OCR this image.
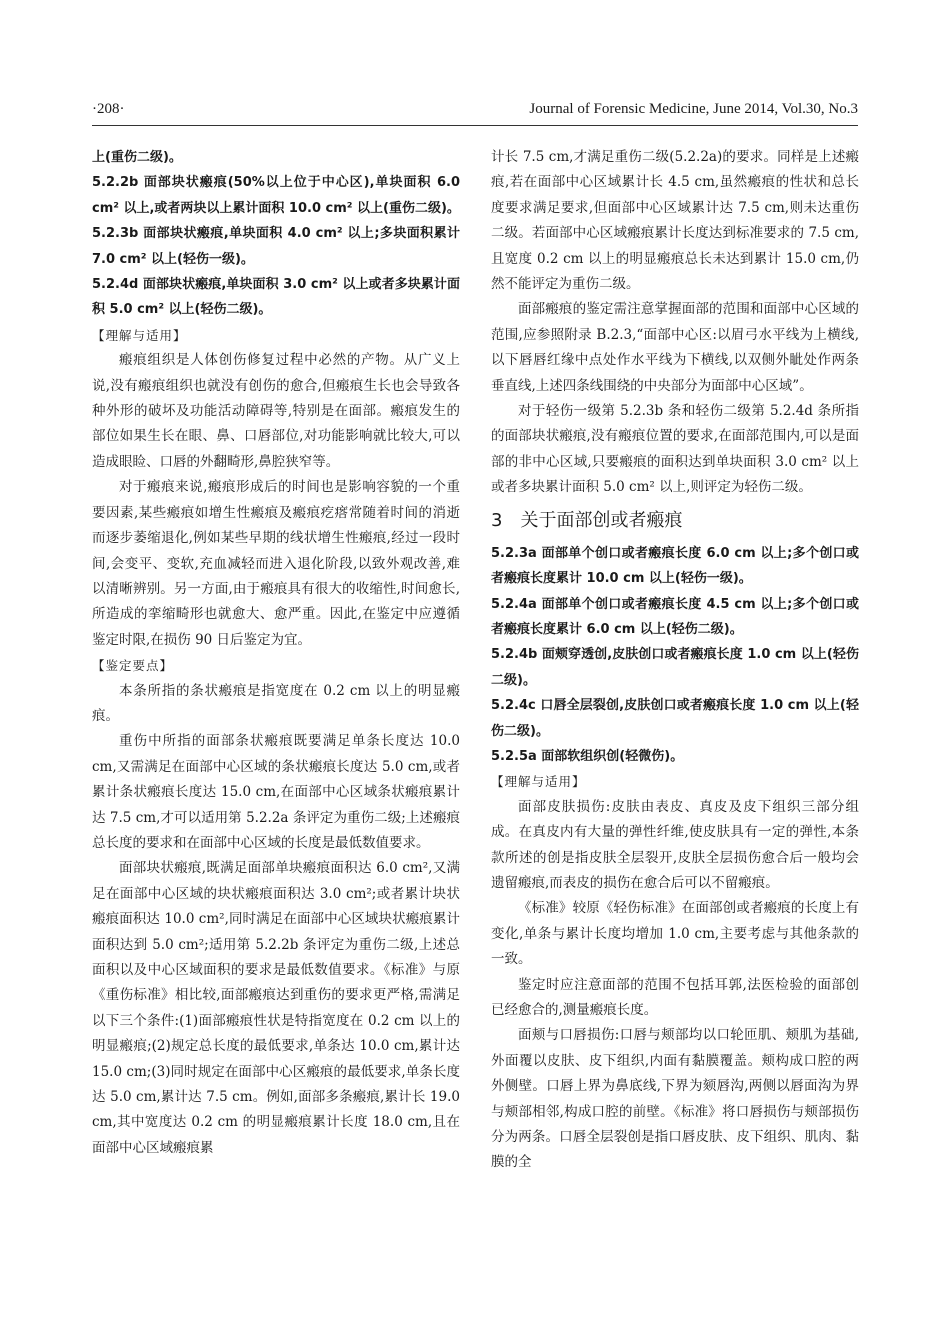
·208·	Journal of Forensic Medicine, June 2014, Vol.30, No.3

上(重伤二级)。

5.2.2b 面部块状瘢痕(50%以上位于中心区),单块面积 6.0 cm² 以上,或者两块以上累计面积 10.0 cm² 以上(重伤二级)。

5.2.3b 面部块状瘢痕,单块面积 4.0 cm² 以上;多块面积累计 7.0 cm² 以上(轻伤一级)。

5.2.4d 面部块状瘢痕,单块面积 3.0 cm² 以上或者多块累计面积 5.0 cm² 以上(轻伤二级)。

【理解与适用】

瘢痕组织是人体创伤修复过程中必然的产物。从广义上说,没有瘢痕组织也就没有创伤的愈合,但瘢痕生长也会导致各种外形的破坏及功能活动障碍等,特别是在面部。瘢痕发生的部位如果生长在眼、鼻、口唇部位,对功能影响就比较大,可以造成眼睑、口唇的外翻畸形,鼻腔狭窄等。

对于瘢痕来说,瘢痕形成后的时间也是影响容貌的一个重要因素,某些瘢痕如增生性瘢痕及瘢痕疙瘩常随着时间的消逝而逐步萎缩退化,例如某些早期的线状增生性瘢痕,经过一段时间,会变平、变软,充血减轻而进入退化阶段,以致外观改善,难以清晰辨别。另一方面,由于瘢痕具有很大的收缩性,时间愈长,所造成的挛缩畸形也就愈大、愈严重。因此,在鉴定中应遵循鉴定时限,在损伤 90 日后鉴定为宜。

【鉴定要点】

本条所指的条状瘢痕是指宽度在 0.2 cm 以上的明显瘢痕。

重伤中所指的面部条状瘢痕既要满足单条长度达 10.0 cm,又需满足在面部中心区域的条状瘢痕长度达 5.0 cm,或者累计条状瘢痕长度达 15.0 cm,在面部中心区域条状瘢痕累计达 7.5 cm,才可以适用第 5.2.2a 条评定为重伤二级;上述瘢痕总长度的要求和在面部中心区域的长度是最低数值要求。

面部块状瘢痕,既满足面部单块瘢痕面积达 6.0 cm²,又满足在面部中心区域的块状瘢痕面积达 3.0 cm²;或者累计块状瘢痕面积达 10.0 cm²,同时满足在面部中心区域块状瘢痕累计面积达到 5.0 cm²;适用第 5.2.2b 条评定为重伤二级,上述总面积以及中心区域面积的要求是最低数值要求。《标准》与原《重伤标准》相比较,面部瘢痕达到重伤的要求更严格,需满足以下三个条件:(1)面部瘢痕性状是特指宽度在 0.2 cm 以上的明显瘢痕;(2)规定总长度的最低要求,单条达 10.0 cm,累计达 15.0 cm;(3)同时规定在面部中心区瘢痕的最低要求,单条长度达 5.0 cm,累计达 7.5 cm。例如,面部多条瘢痕,累计长 19.0 cm,其中宽度达 0.2 cm 的明显瘢痕累计长度 18.0 cm,且在面部中心区域瘢痕累

计长 7.5 cm,才满足重伤二级(5.2.2a)的要求。同样是上述瘢痕,若在面部中心区域累计长 4.5 cm,虽然瘢痕的性状和总长度要求满足要求,但面部中心区域累计达 7.5 cm,则未达重伤二级。若面部中心区域瘢痕累计长度达到标准要求的 7.5 cm,且宽度 0.2 cm 以上的明显瘢痕总长未达到累计 15.0 cm,仍然不能评定为重伤二级。

面部瘢痕的鉴定需注意掌握面部的范围和面部中心区域的范围,应参照附录 B.2.3,“面部中心区:以眉弓水平线为上横线,以下唇唇红缘中点处作水平线为下横线,以双侧外眦处作两条垂直线,上述四条线围绕的中央部分为面部中心区域”。

对于轻伤一级第 5.2.3b 条和轻伤二级第 5.2.4d 条所指的面部块状瘢痕,没有瘢痕位置的要求,在面部范围内,可以是面部的非中心区域,只要瘢痕的面积达到单块面积 3.0 cm² 以上或者多块累计面积 5.0 cm² 以上,则评定为轻伤二级。

3　关于面部创或者瘢痕

5.2.3a 面部单个创口或者瘢痕长度 6.0 cm 以上;多个创口或者瘢痕长度累计 10.0 cm 以上(轻伤一级)。

5.2.4a 面部单个创口或者瘢痕长度 4.5 cm 以上;多个创口或者瘢痕长度累计 6.0 cm 以上(轻伤二级)。

5.2.4b 面颊穿透创,皮肤创口或者瘢痕长度 1.0 cm 以上(轻伤二级)。

5.2.4c 口唇全层裂创,皮肤创口或者瘢痕长度 1.0 cm 以上(轻伤二级)。

5.2.5a 面部软组织创(轻微伤)。

【理解与适用】

面部皮肤损伤:皮肤由表皮、真皮及皮下组织三部分组成。在真皮内有大量的弹性纤维,使皮肤具有一定的弹性,本条款所述的创是指皮肤全层裂开,皮肤全层损伤愈合后一般均会遗留瘢痕,而表皮的损伤在愈合后可以不留瘢痕。

《标准》较原《轻伤标准》在面部创或者瘢痕的长度上有变化,单条与累计长度均增加 1.0 cm,主要考虑与其他条款的一致。

鉴定时应注意面部的范围不包括耳郭,法医检验的面部创已经愈合的,测量瘢痕长度。

面颊与口唇损伤:口唇与颊部均以口轮匝肌、颊肌为基础,外面覆以皮肤、皮下组织,内面有黏膜覆盖。颊构成口腔的两外侧壁。口唇上界为鼻底线,下界为颏唇沟,两侧以唇面沟为界与颊部相邻,构成口腔的前壁。《标准》将口唇损伤与颊部损伤分为两条。口唇全层裂创是指口唇皮肤、皮下组织、肌肉、黏膜的全
